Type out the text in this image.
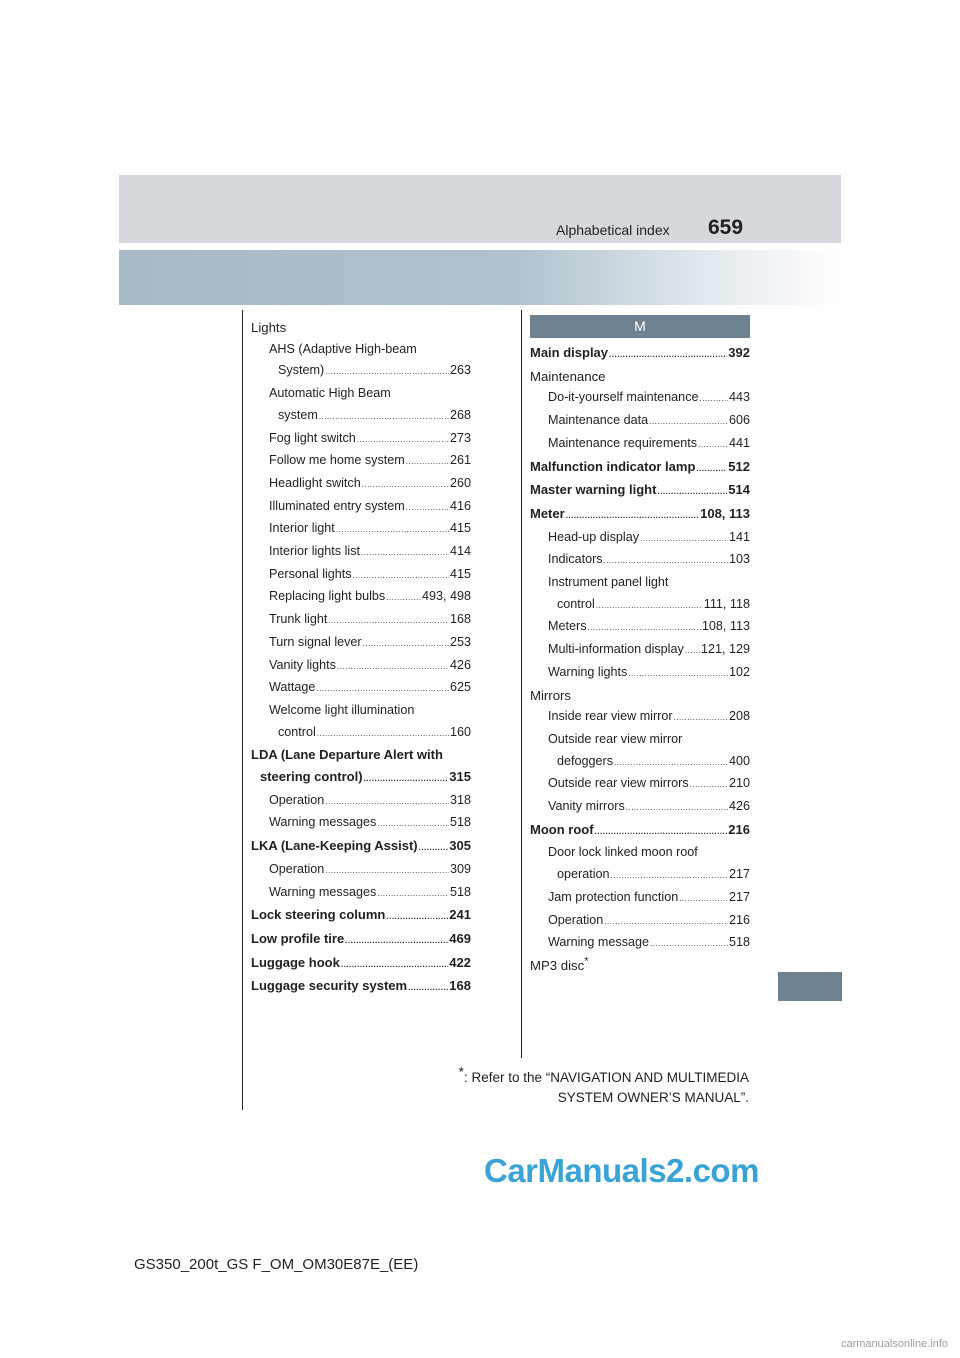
Alphabetical index 659
Lights
AHS (Adaptive High-beam
System) .....	263
Automatic High Beam
system .....	268
Fog light switch .....	273
Follow me home system .....	261
Headlight switch .....	260
Illuminated entry system .....	416
Interior light .....	415
Interior lights list .....	414
Personal lights .....	415
Replacing light bulbs .....	493, 498
Trunk light .....	168
Turn signal lever .....	253
Vanity lights .....	426
Wattage .....	625
Welcome light illumination
control .....	160
LDA (Lane Departure Alert with
steering control) .....	315
Operation .....	318
Warning messages .....	518
LKA (Lane-Keeping Assist) ..... 305
Operation .....	309
Warning messages .....	518
Lock steering column .....	241
Low profile tire .....	469
Luggage hook .....	422
Luggage security system .....	168
M
Main display .....	392
Maintenance
Do-it-yourself maintenance ..... 443
Maintenance data .....	606
Maintenance requirements .....	441
Malfunction indicator lamp .....	512
Master warning light .....	514
Meter .....	108, 113
Head-up display .....	141
Indicators .....	103
Instrument panel light
control .....	111, 118
Meters .....	108, 113
Multi-information display ..... 121, 129
Warning lights .....	102
Mirrors
Inside rear view mirror .....	208
Outside rear view mirror
defoggers .....	400
Outside rear view mirrors .....	210
Vanity mirrors .....	426
Moon roof .....	216
Door lock linked moon roof
operation .....	217
Jam protection function .....	217
Operation .....	216
Warning message .....	518
MP3 disc*
*: Refer to the “NAVIGATION AND MULTIMEDIA
SYSTEM OWNER’S MANUAL”.
GS350_200t_GS F_OM_OM30E87E_(EE)
CarManuals2.com
carmanualsonline.info
